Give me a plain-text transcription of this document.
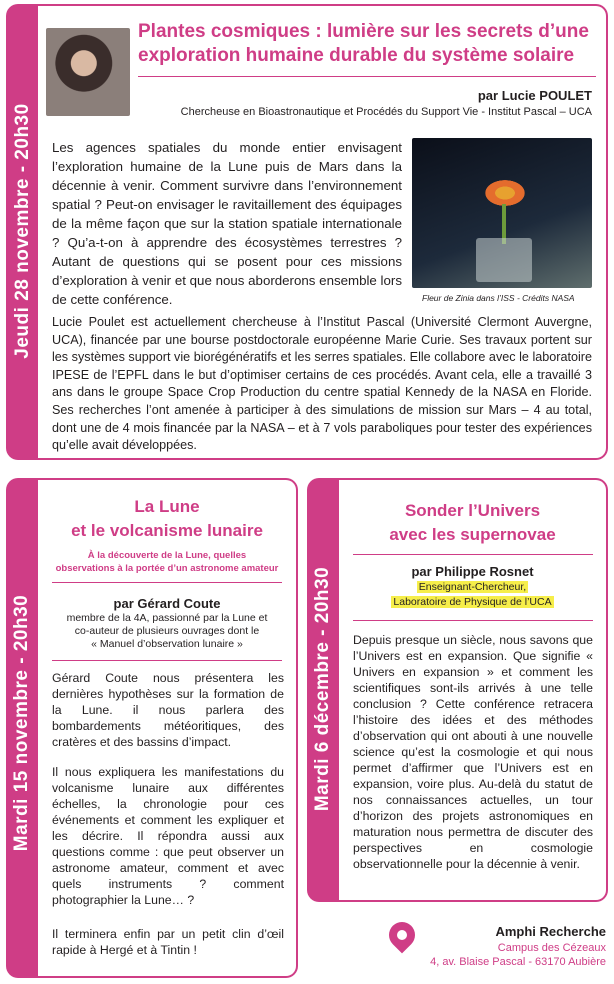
Jeudi 28 novembre - 20h30
Plantes cosmiques : lumière sur les secrets d’une exploration humaine durable du système solaire
par Lucie POULET
Chercheuse en Bioastronautique et Procédés du Support Vie - Institut Pascal – UCA
Les agences spatiales du monde entier envisagent l’exploration humaine de la Lune puis de Mars dans la décennie à venir. Comment survivre dans l’environnement spatial ? Peut-on envisager le ravitaillement des équipages de la même façon que sur la station spatiale internationale ? Qu’a-t-on à apprendre des écosystèmes terrestres ? Autant de questions qui se posent pour ces missions d’exploration à venir et que nous aborderons ensemble lors de cette conférence.	Fleur de Zinia dans l’ISS - Crédits NASA
Lucie Poulet est actuellement chercheuse à l’Institut Pascal (Université Clermont Auvergne, UCA), financée par une bourse postdoctorale européenne Marie Curie. Ses travaux portent sur les systèmes support vie biorégénératifs et les serres spatiales. Elle collabore avec le laboratoire IPESE de l’EPFL dans le but d’optimiser certains de ces procédés. Avant cela, elle a travaillé 3 ans dans le groupe Space Crop Production du centre spatial Kennedy de la NASA en Floride. Ses recherches l’ont amenée à participer à des simulations de mission sur Mars – 4 au total, dont une de 4 mois financée par la NASA – et à 7 vols paraboliques pour tester des expériences qu’elle avait développées.
Mardi 15 novembre - 20h30
La Lune
et le volcanisme lunaire
À la découverte de la Lune, quelles
observations à la portée d’un astronome amateur
par Gérard Coute
membre de la 4A, passionné par la Lune et
co-auteur de plusieurs ouvrages dont le
« Manuel d’observation lunaire »
Gérard Coute nous présentera les dernières hypothèses sur la formation de la Lune. il nous parlera des bombardements météoritiques, des cratères et des bassins d’impact.
Il nous expliquera les manifestations du volcanisme lunaire aux différentes échelles, la chronologie pour ces événements et comment les expliquer et les décrire. Il répondra aussi aux questions comme : que peut observer un astronome amateur, comment et avec quels instruments ? comment photographier la Lune… ?
Il terminera enfin par un petit clin d’œil rapide à Hergé et à Tintin !
Mardi 6 décembre - 20h30
Sonder l’Univers
avec les supernovae
par Philippe Rosnet
Enseignant-Chercheur,
Laboratoire de Physique de l’UCA
Depuis presque un siècle, nous savons que l’Univers est en expansion. Que signifie « Univers en expansion » et comment les scientifiques sont-ils arrivés à une telle conclusion ? Cette conférence retracera l’histoire des idées et des méthodes d’observation qui ont abouti à une nouvelle science qu’est la cosmologie et qui nous permet d’affirmer que l’Univers est en expansion, voire plus. Au-delà du statut de nos connaissances actuelles, un tour d’horizon des projets astronomiques en maturation nous permettra de discuter des perspectives en cosmologie observationnelle pour la décennie à venir.
Amphi Recherche
Campus des Cézeaux
4, av. Blaise Pascal - 63170 Aubière
